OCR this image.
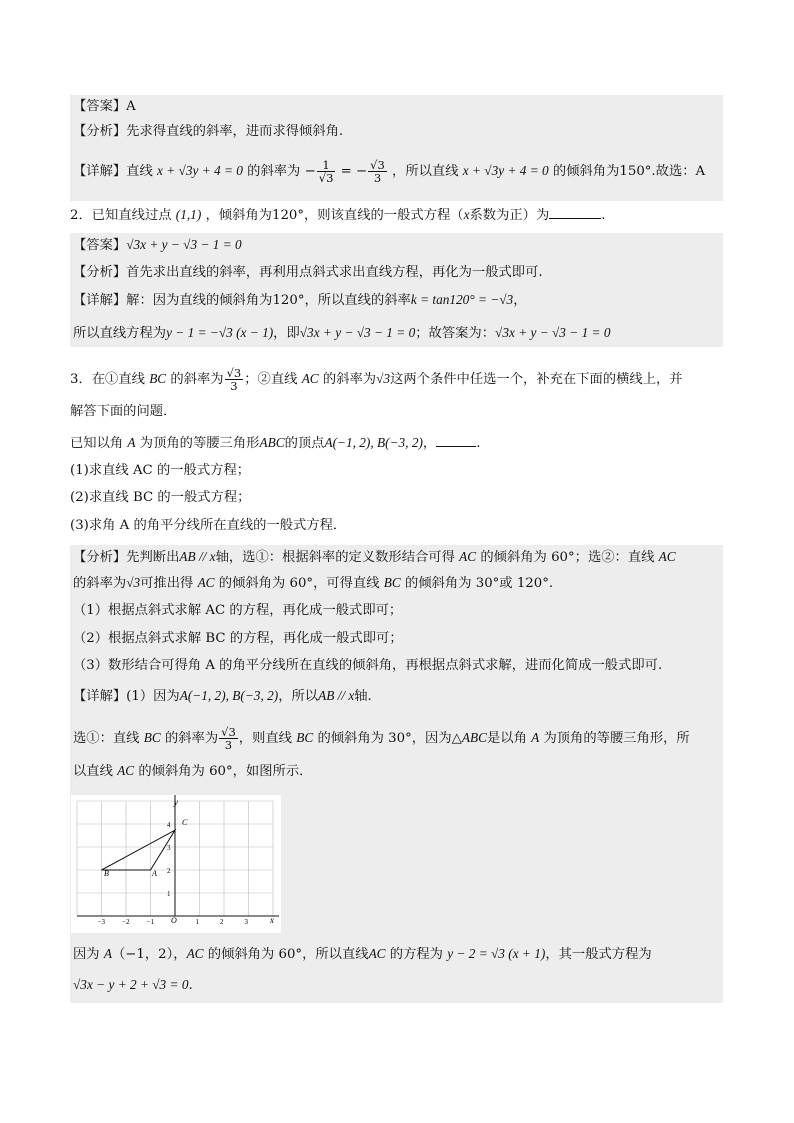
【答案】A
【分析】先求得直线的斜率，进而求得倾斜角.
【详解】直线 x + √3y + 4 = 0 的斜率为 − $\frac{1}{√3}$ = − $\frac{√3}{3}$ ，所以直线 x + √3y + 4 = 0 的倾斜角为150°.故选：A
2．已知直线过点 (1,1) ，倾斜角为120°，则该直线的一般式方程（x系数为正）为	.
【答案】√3x + y − √3 − 1 = 0
【分析】首先求出直线的斜率，再利用点斜式求出直线方程，再化为一般式即可.
【详解】解：因为直线的倾斜角为120°，所以直线的斜率k = tan120° = −√3，
所以直线方程为y − 1 = −√3 (x − 1)，即√3x + y − √3 − 1 = 0；故答案为：√3x + y − √3 − 1 = 0
3．在①直线 BC 的斜率为 $\frac{√3}{3}$ ；②直线 AC 的斜率为√3这两个条件中任选一个，补充在下面的横线上，并
解答下面的问题．
已知以角 A 为顶角的等腰三角形ABC的顶点A(−1, 2), B(−3, 2)，	.
(1)求直线 AC 的一般式方程；
(2)求直线 BC 的一般式方程；
(3)求角 A 的角平分线所在直线的一般式方程．
【分析】先判断出AB // x轴，选①：根据斜率的定义数形结合可得 AC 的倾斜角为 60°；选②：直线 AC
的斜率为√3可推出得 AC 的倾斜角为 60°，可得直线 BC 的倾斜角为 30°或 120°.
（1）根据点斜式求解 AC 的方程，再化成一般式即可；
（2）根据点斜式求解 BC 的方程，再化成一般式即可；
（3）数形结合可得角 A 的角平分线所在直线的倾斜角，再根据点斜式求解，进而化简成一般式即可.
【详解】(1）因为A(−1, 2), B(−3, 2)，所以AB // x轴.
选①：直线 BC 的斜率为 $\frac{√3}{3}$ ，则直线 BC 的倾斜角为 30°，因为△ABC是以角 A 为顶角的等腰三角形，所
以直线 AC 的倾斜角为 60°，如图所示．
−3 −2 −1	1	2	3
1
2
3
4
x
y
O
A
B
C
因为 A（−1，2），AC 的倾斜角为 60°，所以直线AC 的方程为 y − 2 = √3 (x + 1)，其一般式方程为
√3x − y + 2 + √3 = 0.
